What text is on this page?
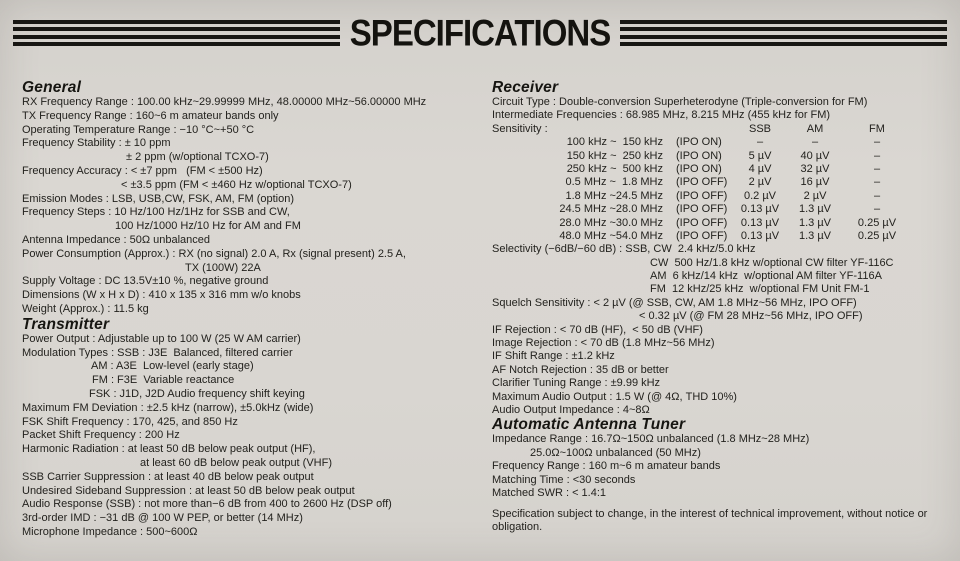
SPECIFICATIONS
General
RX Frequency Range : 100.00 kHz~29.99999 MHz, 48.00000 MHz~56.00000 MHz
TX Frequency Range : 160~6 m amateur bands only
Operating Temperature Range : −10 °C~+50 °C
Frequency Stability : ± 10 ppm
± 2 ppm (w/optional TCXO-7)
Frequency Accuracy : < ±7 ppm   (FM < ±500 Hz)
< ±3.5 ppm (FM < ±460 Hz w/optional TCXO-7)
Emission Modes : LSB, USB,CW, FSK, AM, FM (option)
Frequency Steps : 10 Hz/100 Hz/1Hz for SSB and CW,
100 Hz/1000 Hz/10 Hz for AM and FM
Antenna Impedance : 50Ω unbalanced
Power Consumption (Approx.) : RX (no signal) 2.0 A, Rx (signal present) 2.5 A,
TX (100W) 22A
Supply Voltage : DC 13.5V±10 %, negative ground
Dimensions (W x H x D) : 410 x 135 x 316 mm w/o knobs
Weight (Approx.) : 11.5 kg
Transmitter
Power Output : Adjustable up to 100 W (25 W AM carrier)
Modulation Types : SSB : J3E  Balanced, filtered carrier
AM : A3E  Low-level (early stage)
FM : F3E  Variable reactance
FSK : J1D, J2D Audio frequency shift keying
Maximum FM Deviation : ±2.5 kHz (narrow), ±5.0kHz (wide)
FSK Shift Frequency : 170, 425, and 850 Hz
Packet Shift Frequency : 200 Hz
Harmonic Radiation : at least 50 dB below peak output (HF),
at least 60 dB below peak output (VHF)
SSB Carrier Suppression : at least 40 dB below peak output
Undesired Sideband Suppression : at least 50 dB below peak output
Audio Response (SSB) : not more than−6 dB from 400 to 2600 Hz (DSP off)
3rd-order IMD : −31 dB @ 100 W PEP, or better (14 MHz)
Microphone Impedance : 500~600Ω
Receiver
Circuit Type : Double-conversion Superheterodyne (Triple-conversion for FM)
Intermediate Frequencies : 68.985 MHz, 8.215 MHz (455 kHz for FM)
Sensitivity :	SSB	AM	FM
100 kHz ~  150 kHz	(IPO ON)	–	–	–
150 kHz ~  250 kHz	(IPO ON)	5 µV	40 µV	–
250 kHz ~  500 kHz	(IPO ON)	4 µV	32 µV	–
0.5 MHz ~  1.8 MHz	(IPO OFF)	2 µV	16 µV	–
1.8 MHz ~24.5 MHz	(IPO OFF)	0.2 µV	2 µV	–
24.5 MHz ~28.0 MHz	(IPO OFF)	0.13 µV	1.3 µV	–
28.0 MHz ~30.0 MHz	(IPO OFF)	0.13 µV	1.3 µV	0.25 µV
48.0 MHz ~54.0 MHz	(IPO OFF)	0.13 µV	1.3 µV	0.25 µV
Selectivity (−6dB/−60 dB) : SSB, CW  2.4 kHz/5.0 kHz
CW  500 Hz/1.8 kHz w/optional CW filter YF-116C
AM  6 kHz/14 kHz  w/optional AM filter YF-116A
FM  12 kHz/25 kHz  w/optional FM Unit FM-1
Squelch Sensitivity : < 2 µV (@ SSB, CW, AM 1.8 MHz~56 MHz, IPO OFF)
< 0.32 µV (@ FM 28 MHz~56 MHz, IPO OFF)
IF Rejection : < 70 dB (HF),  < 50 dB (VHF)
Image Rejection : < 70 dB (1.8 MHz~56 MHz)
IF Shift Range : ±1.2 kHz
AF Notch Rejection : 35 dB or better
Clarifier Tuning Range : ±9.99 kHz
Maximum Audio Output : 1.5 W (@ 4Ω, THD 10%)
Audio Output Impedance : 4~8Ω
Automatic Antenna Tuner
Impedance Range : 16.7Ω~150Ω unbalanced (1.8 MHz~28 MHz)
25.0Ω~100Ω unbalanced (50 MHz)
Frequency Range : 160 m~6 m amateur bands
Matching Time : <30 seconds
Matched SWR : < 1.4:1

Specification subject to change, in the interest of technical improvement, without notice or obligation.
